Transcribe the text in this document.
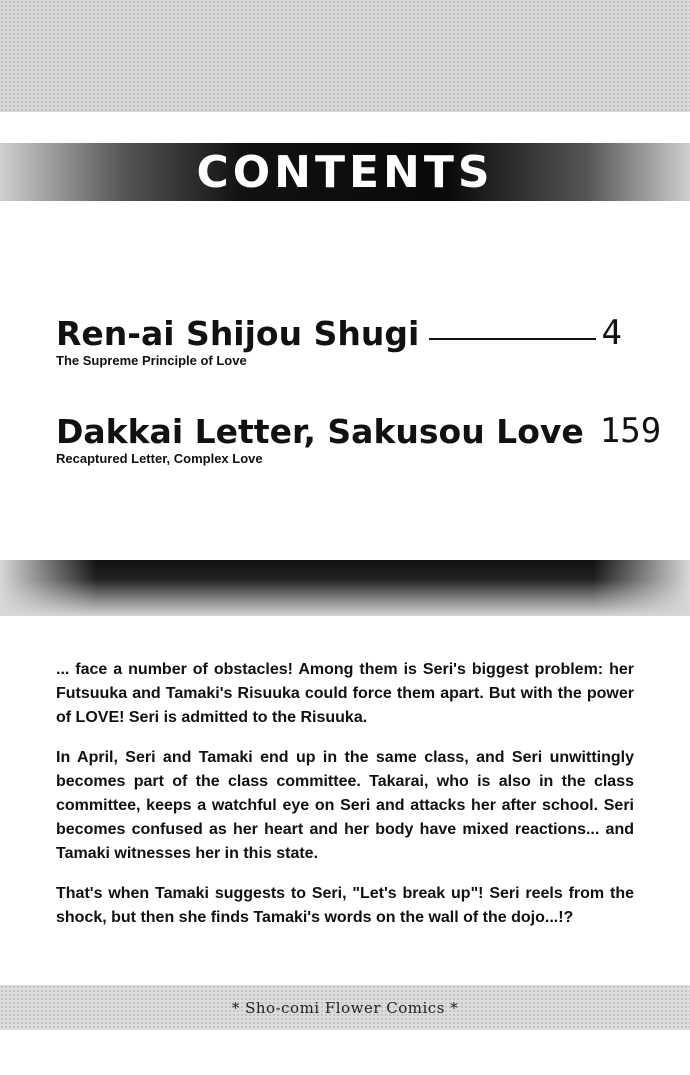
CONTENTS
Ren-ai Shijou Shugi	4
The Supreme Principle of Love
Dakkai Letter, Sakusou Love 159
Recaptured Letter, Complex Love

... face a number of obstacles! Among them is Seri's biggest problem: her Futsuuka and Tamaki's Risuuka could force them apart. But with the power of LOVE! Seri is admitted to the Risuuka.

In April, Seri and Tamaki end up in the same class, and Seri unwittingly becomes part of the class committee. Takarai, who is also in the class committee, keeps a watchful eye on Seri and attacks her after school. Seri becomes confused as her heart and her body have mixed reactions... and Tamaki witnesses her in this state.

That's when Tamaki suggests to Seri, "Let's break up"! Seri reels from the shock, but then she finds Tamaki's words on the wall of the dojo...!?

* Sho-comi Flower Comics *
